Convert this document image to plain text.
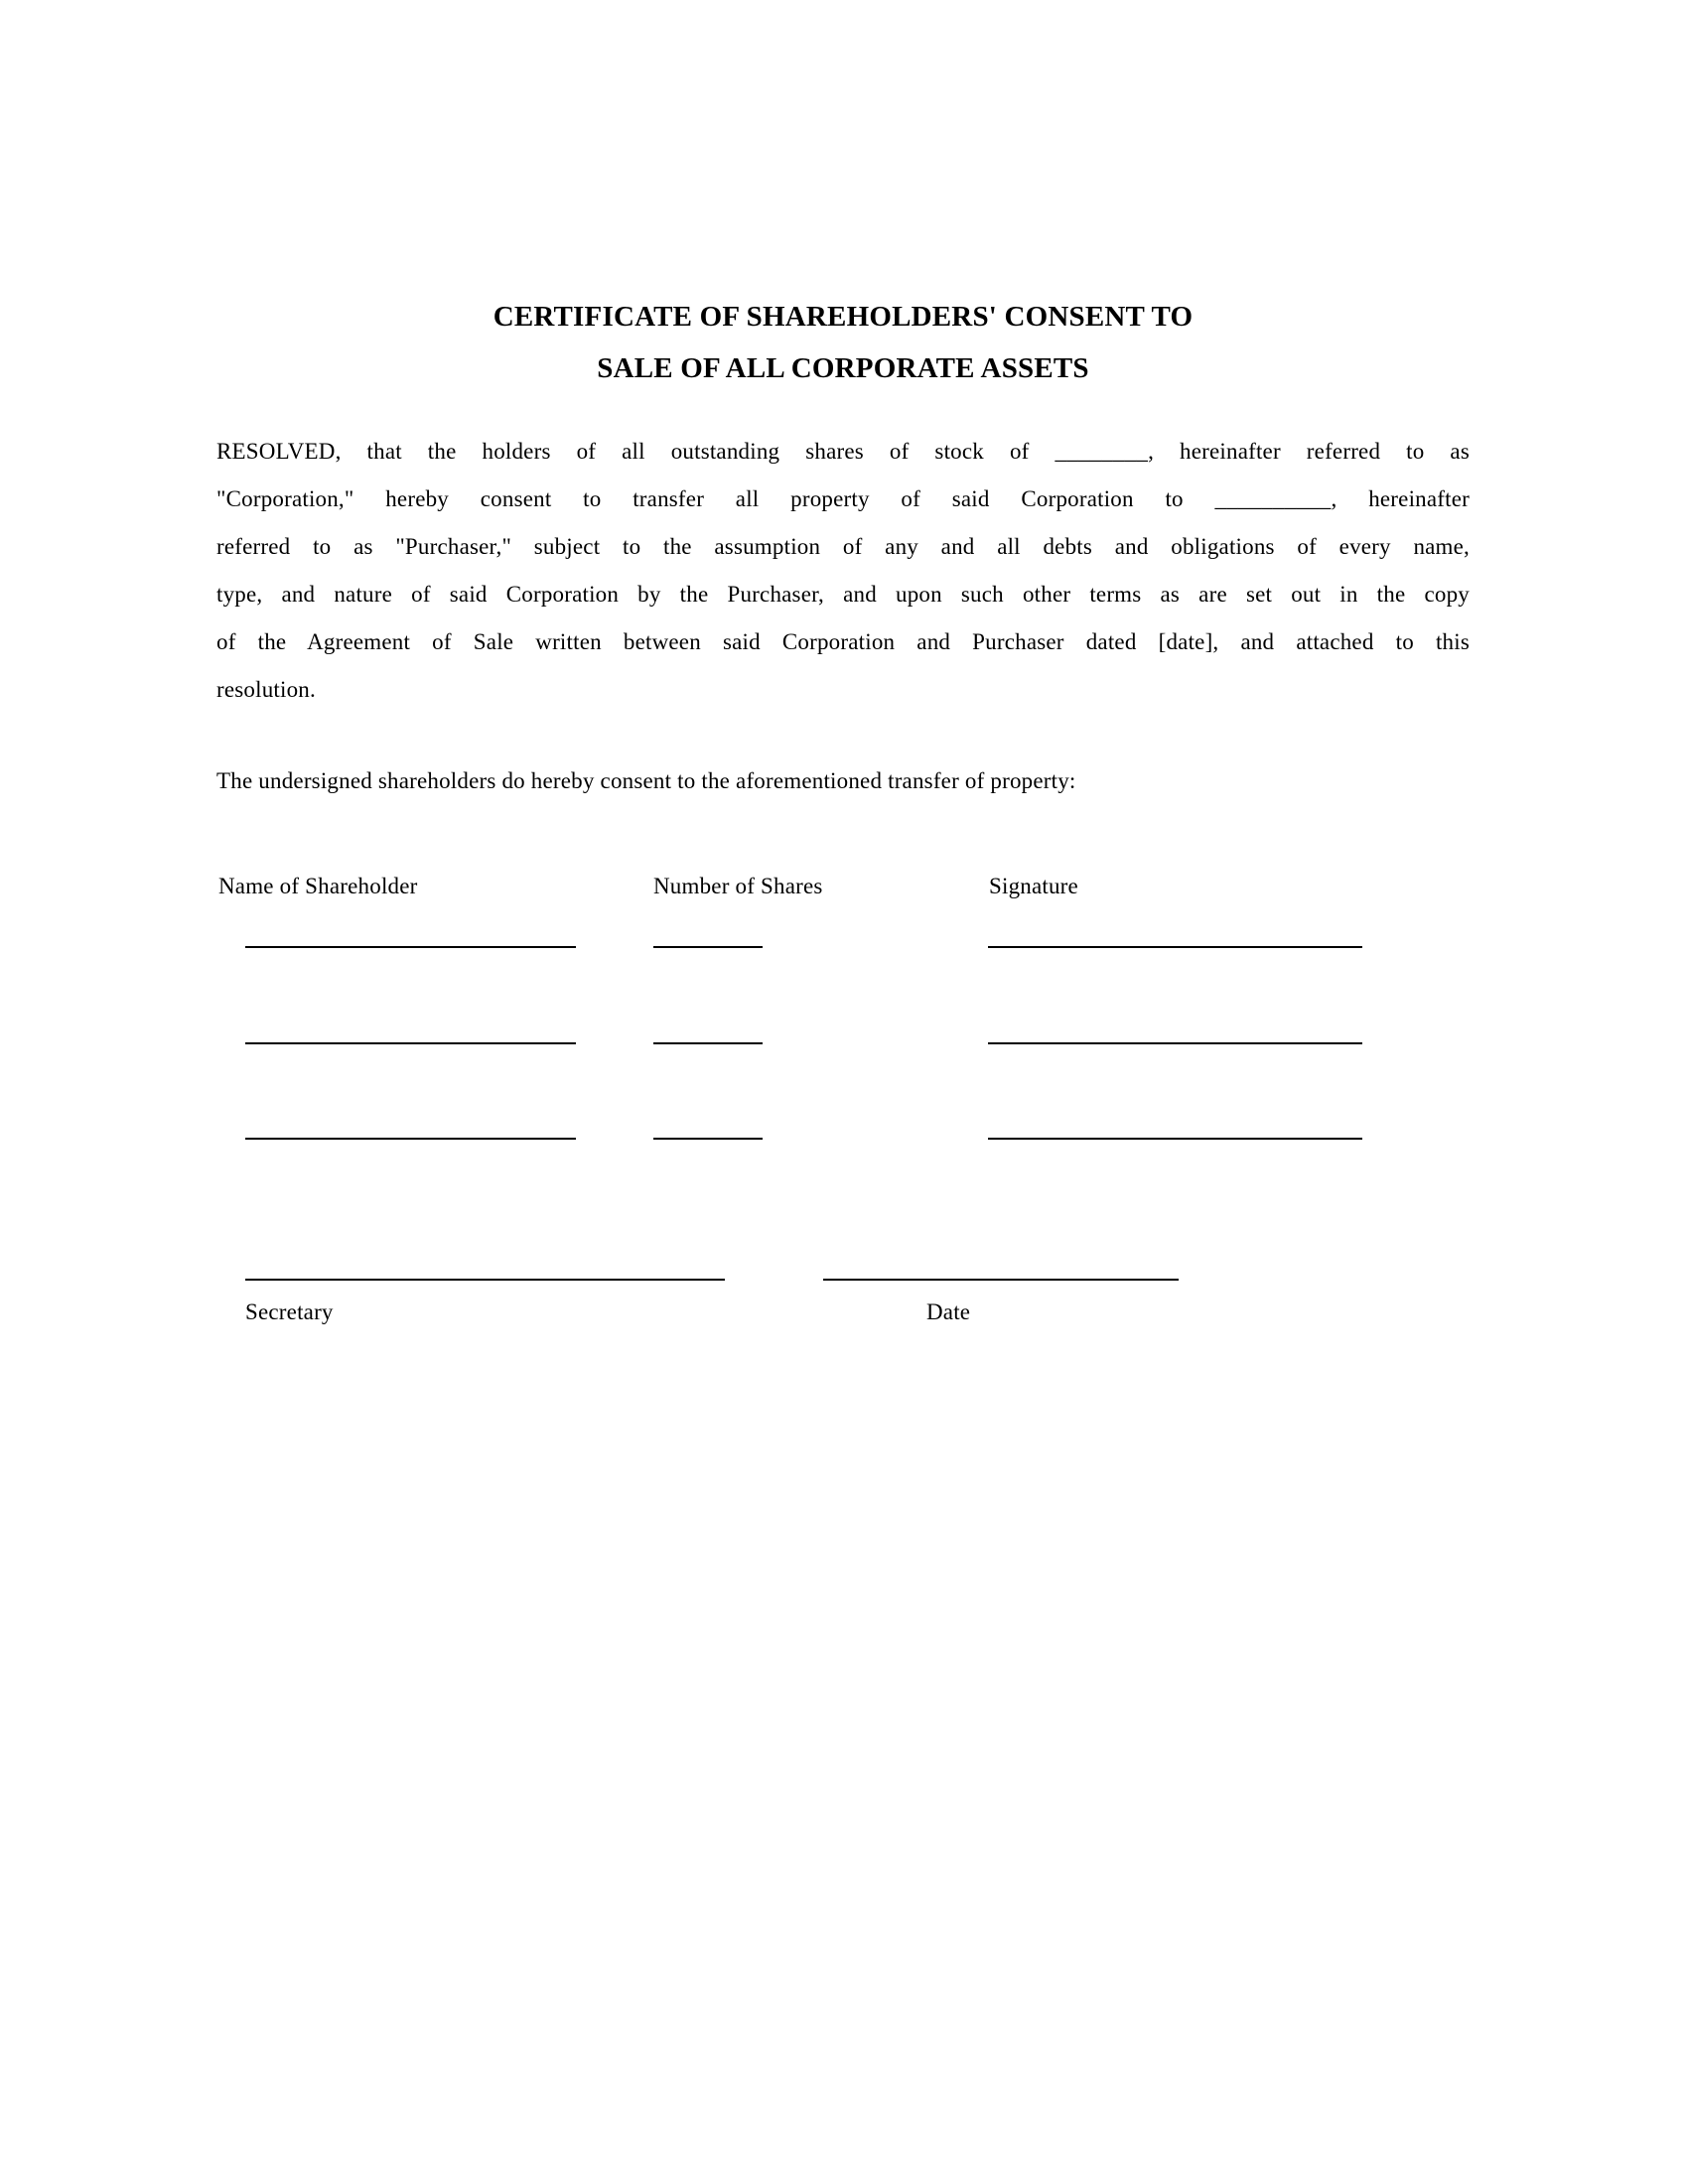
CERTIFICATE OF SHAREHOLDERS' CONSENT TO
SALE OF ALL CORPORATE ASSETS
RESOLVED, that the holders of all outstanding shares of stock of ________, hereinafter referred to as
"Corporation," hereby consent to transfer all property of said Corporation to __________, hereinafter
referred to as "Purchaser," subject to the assumption of any and all debts and obligations of every name,
type, and nature of said Corporation by the Purchaser, and upon such other terms as are set out in the copy
of the Agreement of Sale written between said Corporation and Purchaser dated [date], and attached to this
resolution.
The undersigned shareholders do hereby consent to the aforementioned transfer of property:
Name of Shareholder	Number of Shares	Signature
Secretary	Date
